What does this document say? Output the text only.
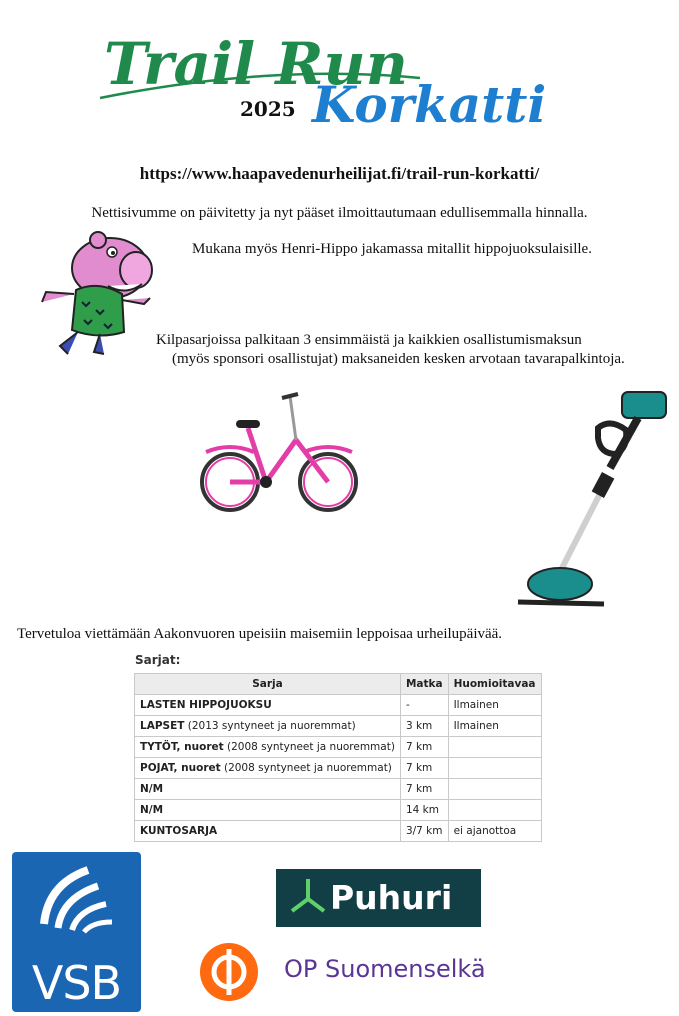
Trail Run
2025 Korkatti
https://www.haapavedenurheilijat.fi/trail-run-korkatti/
Nettisivumme on päivitetty ja nyt pääset ilmoittautumaan edullisemmalla hinnalla.
Mukana myös Henri-Hippo jakamassa mitallit hippojuoksulaisille.
Kilpasarjoissa palkitaan 3 ensimmäistä ja kaikkien osallistumismaksun
(myös sponsori osallistujat) maksaneiden kesken arvotaan tavarapalkintoja.
Tervetuloa viettämään Aakonvuoren upeisiin maisemiin leppoisaa urheilupäivää.
Sarjat:
Sarja	Matka	Huomioitavaa
LASTEN HIPPOJUOKSU	-	Ilmainen
LAPSET (2013 syntyneet ja nuoremmat)	3 km	Ilmainen
TYTÖT, nuoret (2008 syntyneet ja nuoremmat)	7 km	
POJAT, nuoret (2008 syntyneet ja nuoremmat)	7 km	
N/M	7 km	
N/M	14 km	
KUNTOSARJA	3/7 km	ei ajanottoa
VSB
Puhuri
OP Suomenselkä
